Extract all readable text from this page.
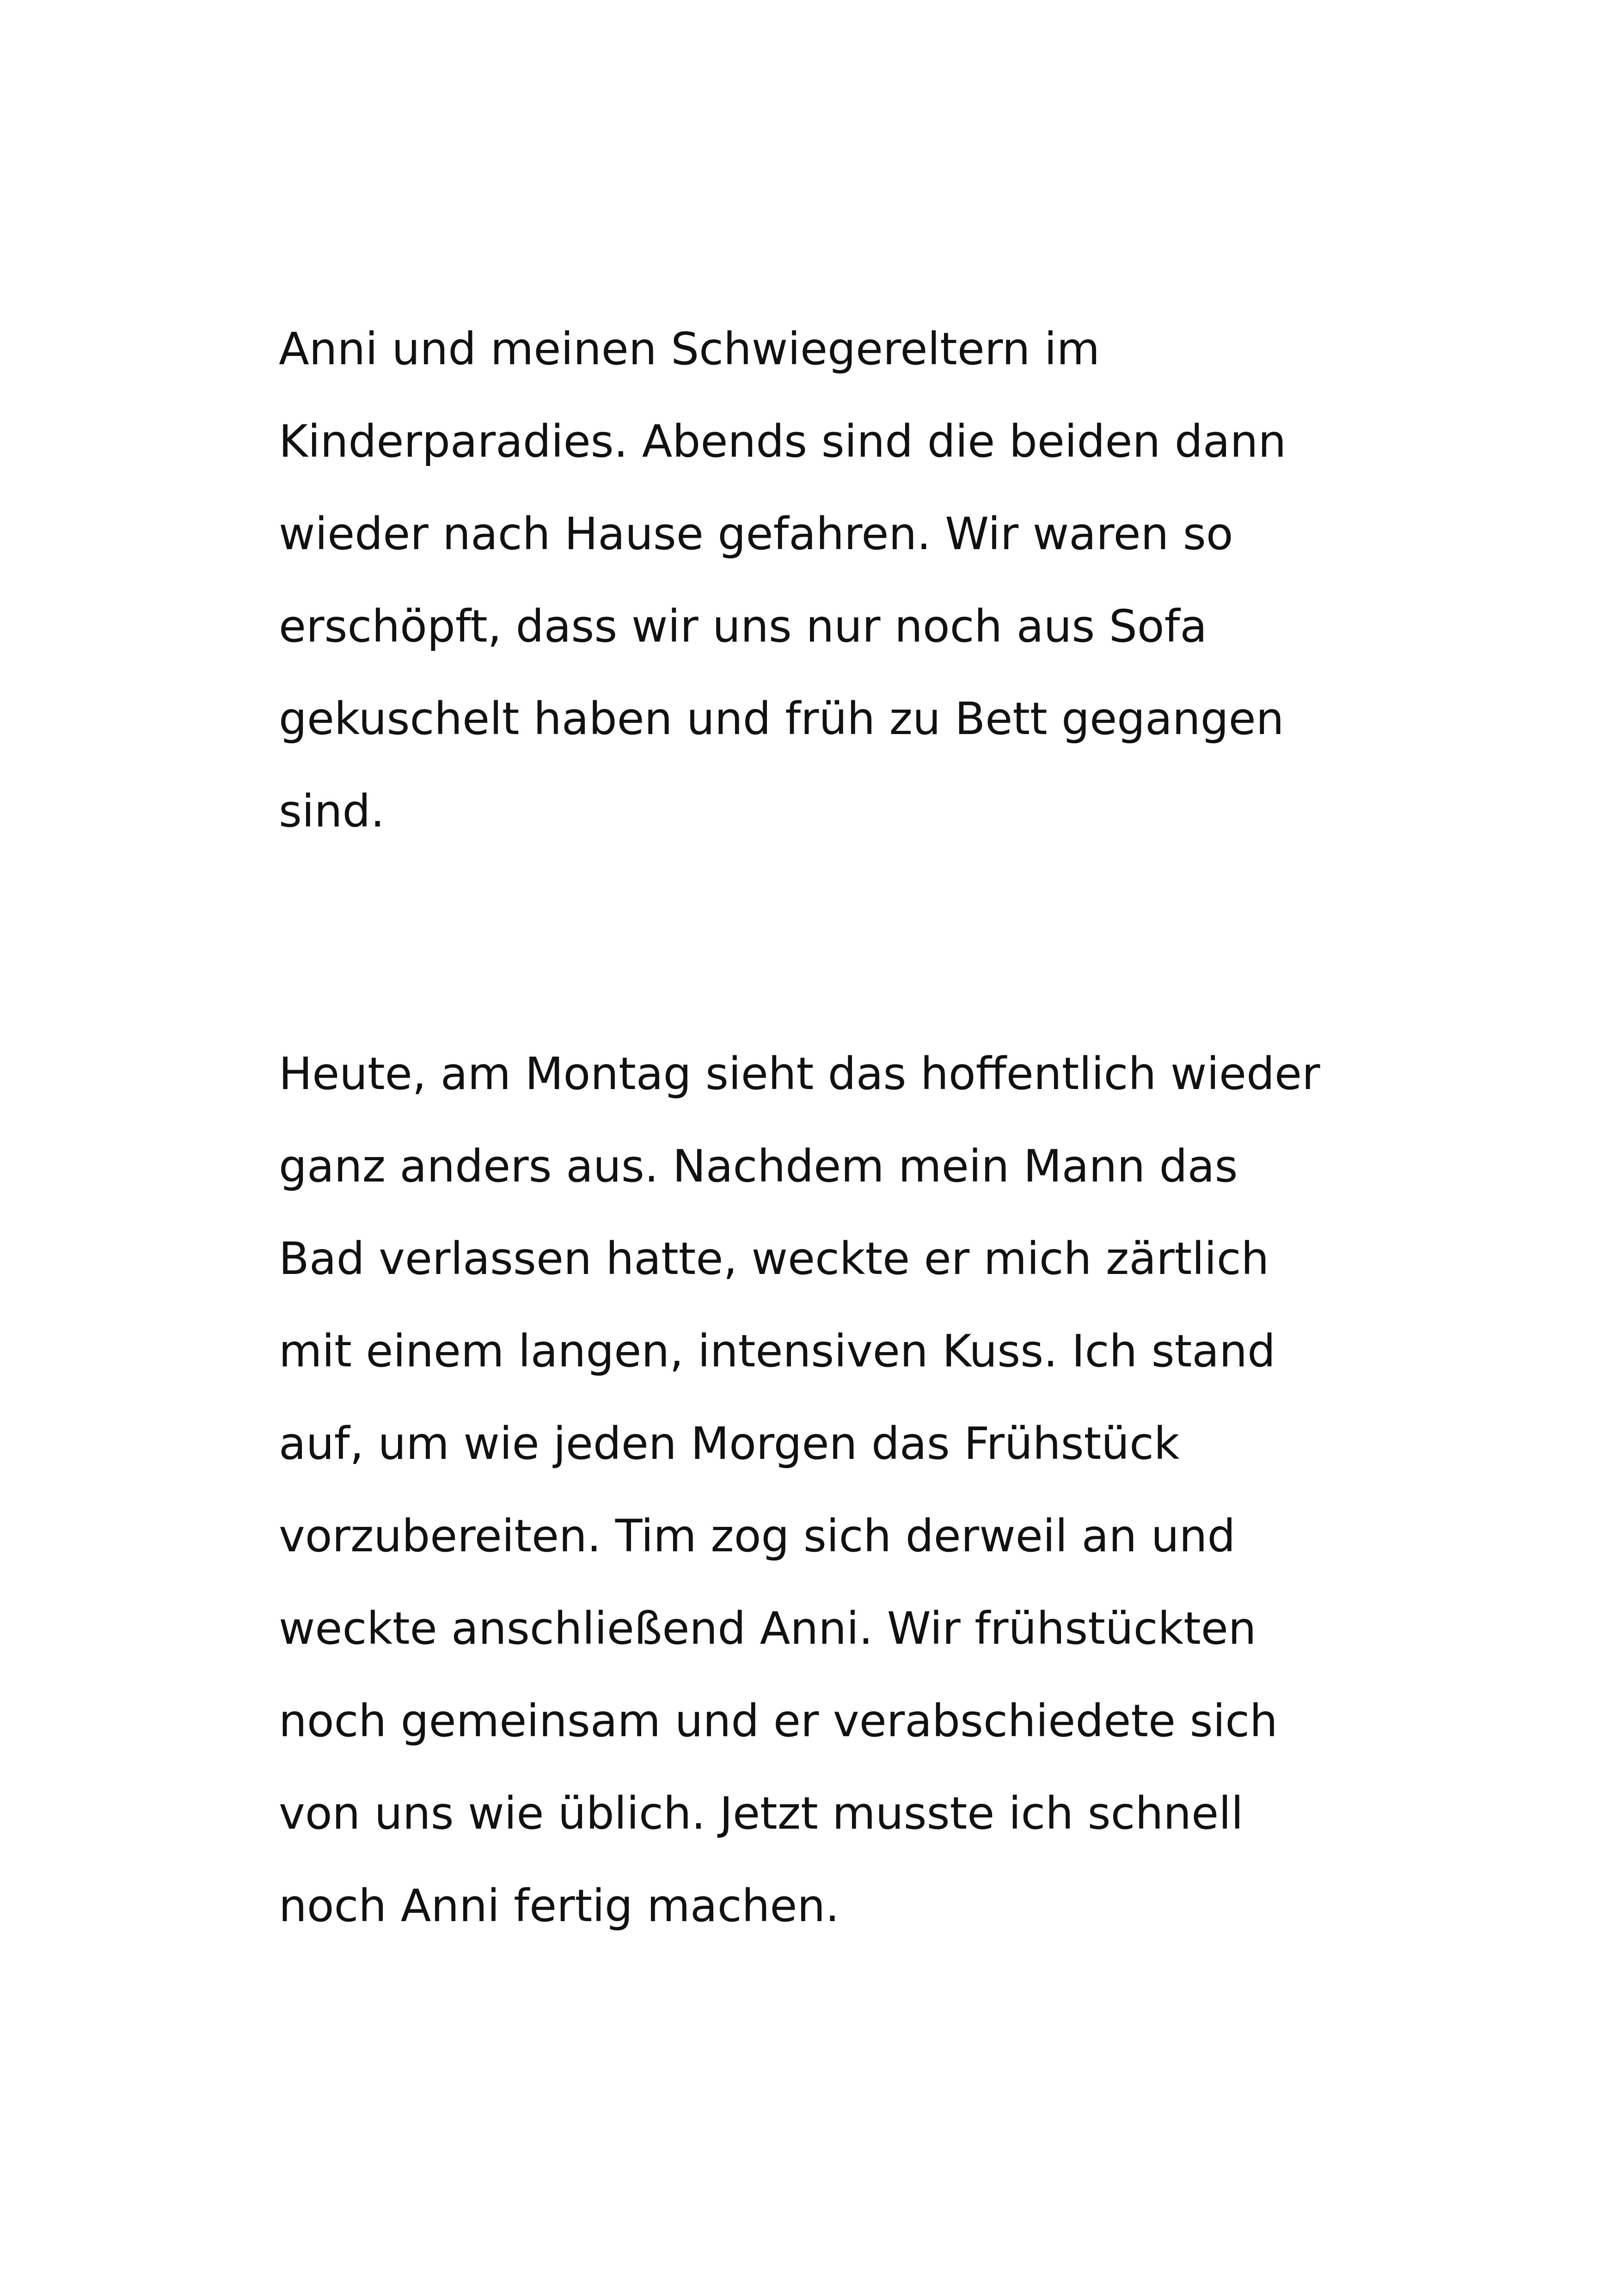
Anni und meinen Schwiegereltern im
Kinderparadies. Abends sind die beiden dann
wieder nach Hause gefahren. Wir waren so
erschöpft, dass wir uns nur noch aus Sofa
gekuschelt haben und früh zu Bett gegangen
sind.
Heute, am Montag sieht das hoffentlich wieder
ganz anders aus. Nachdem mein Mann das
Bad verlassen hatte, weckte er mich zärtlich
mit einem langen, intensiven Kuss. Ich stand
auf, um wie jeden Morgen das Frühstück
vorzubereiten. Tim zog sich derweil an und
weckte anschließend Anni. Wir frühstückten
noch gemeinsam und er verabschiedete sich
von uns wie üblich. Jetzt musste ich schnell
noch Anni fertig machen.
